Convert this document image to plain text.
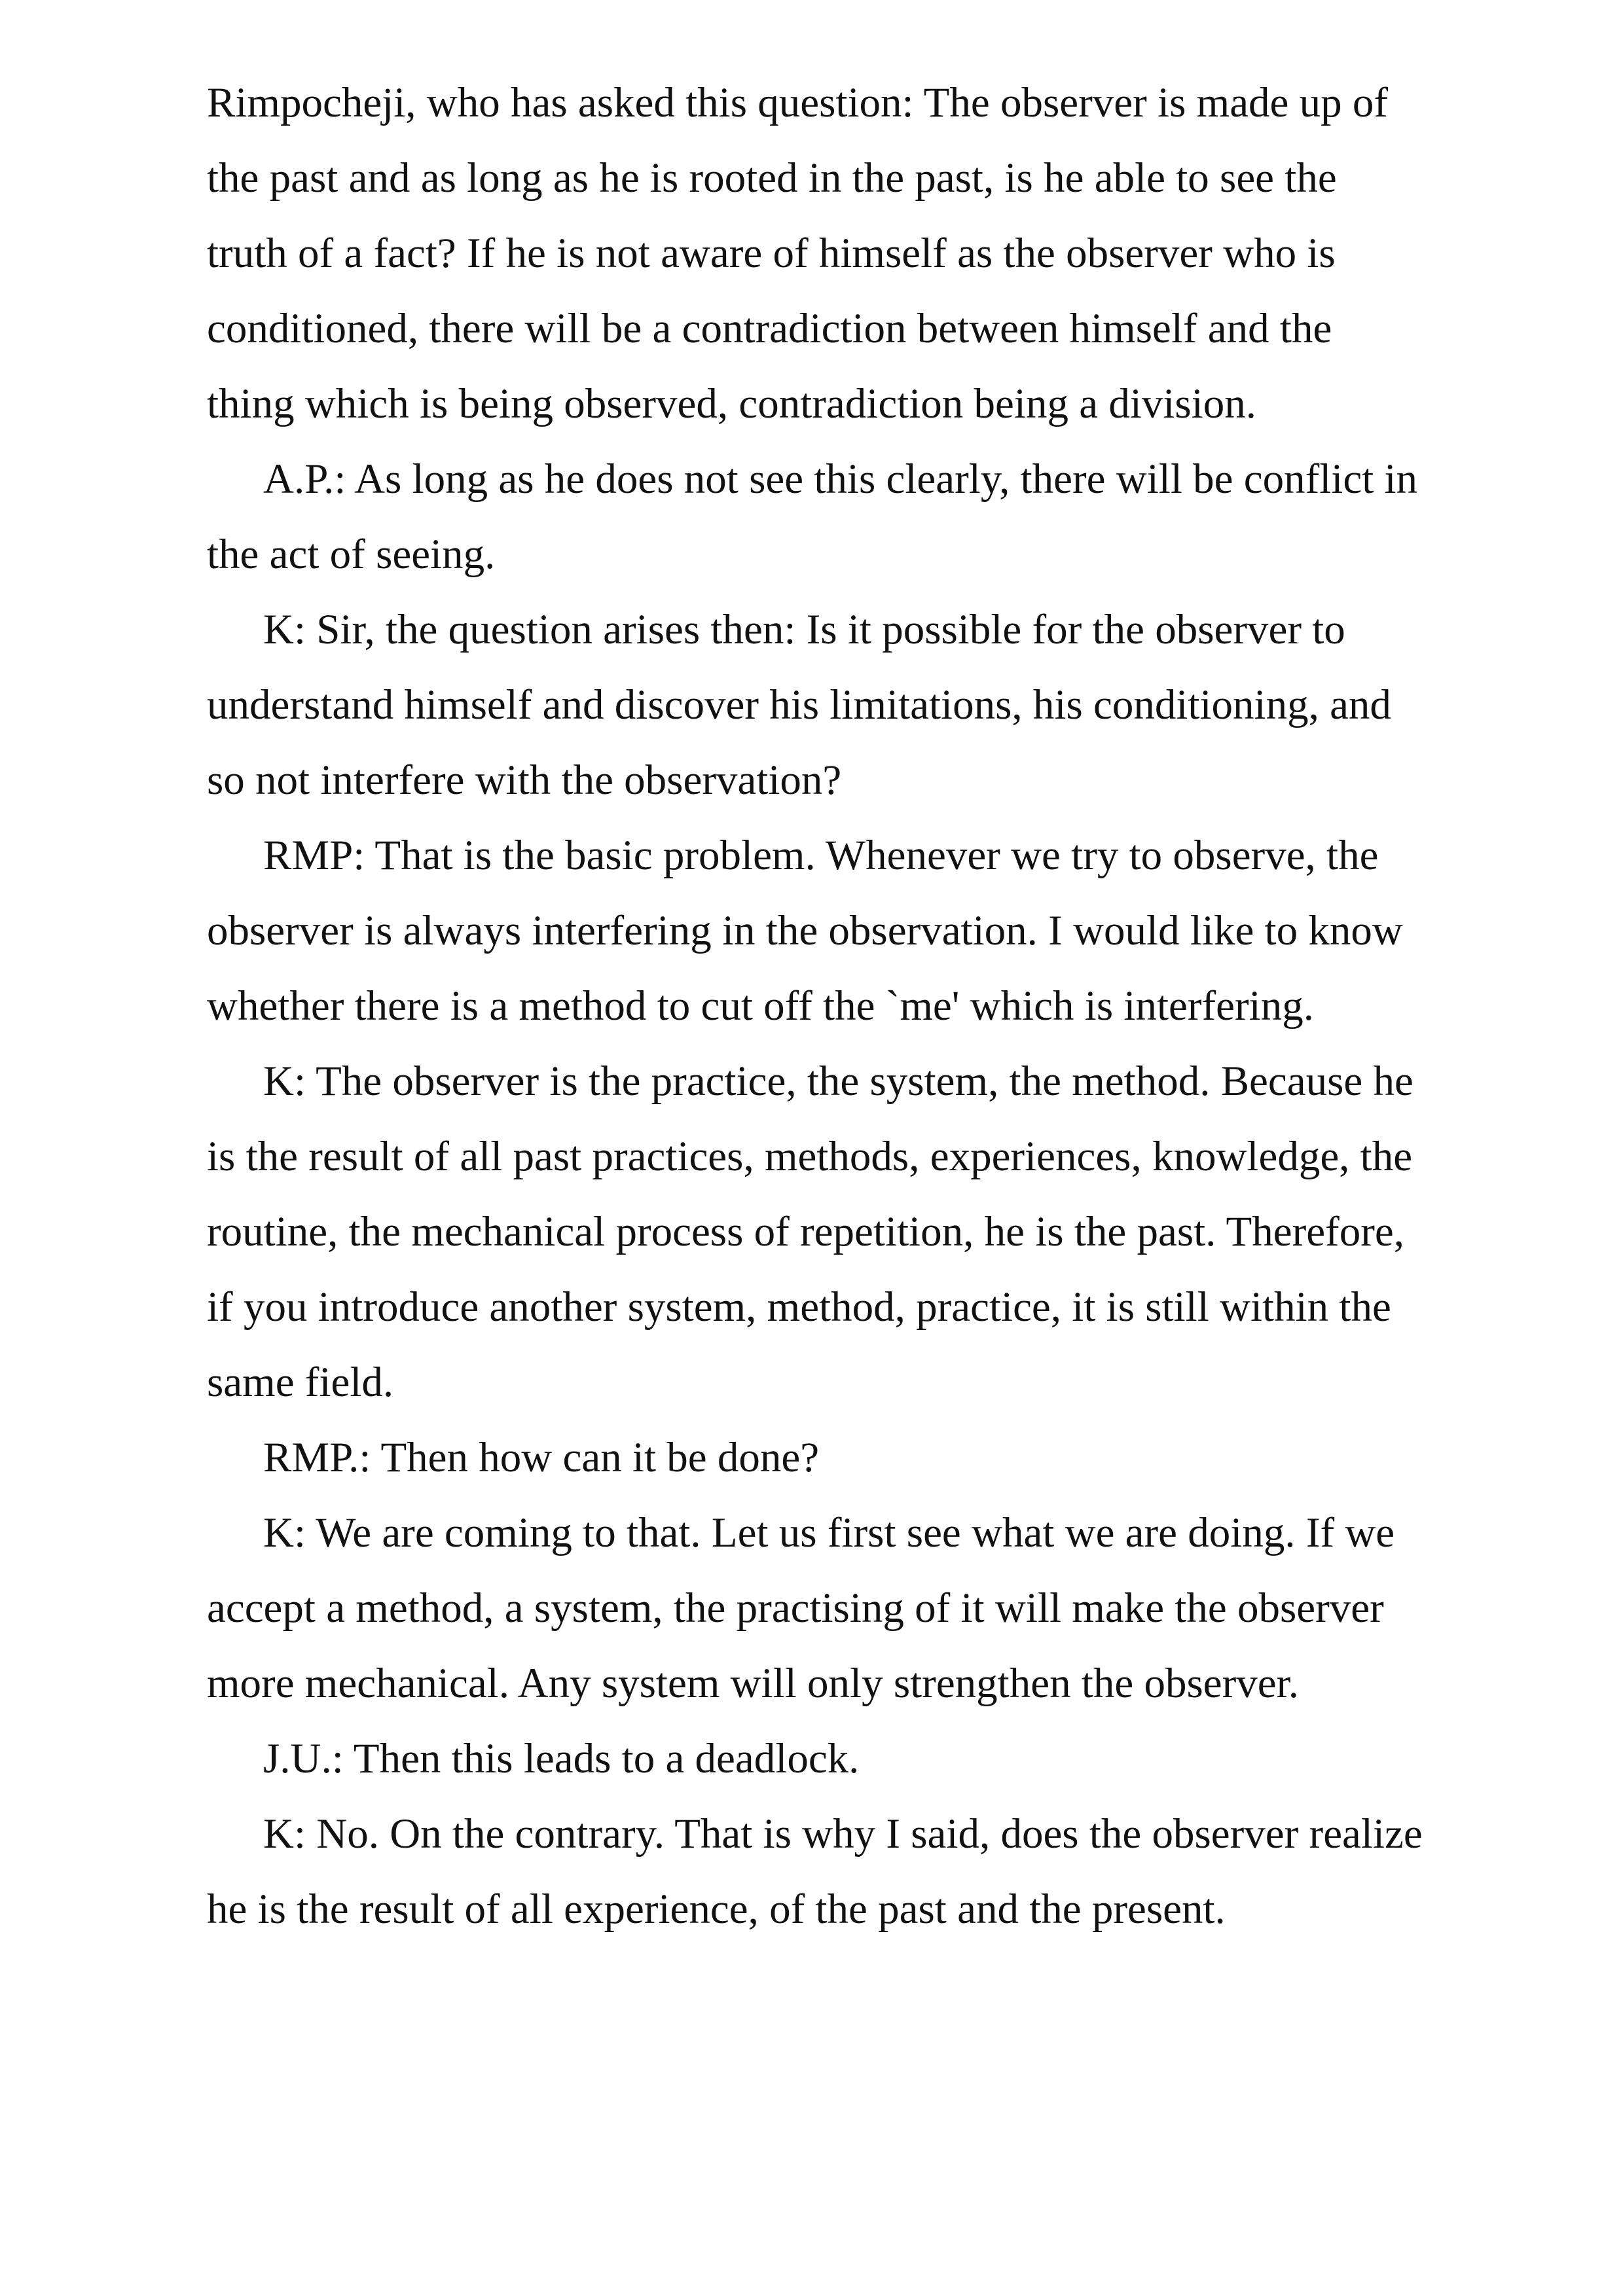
Rimpocheji, who has asked this question: The observer is made up of the past and as long as he is rooted in the past, is he able to see the truth of a fact? If he is not aware of himself as the observer who is conditioned, there will be a contradiction between himself and the thing which is being observed, contradiction being a division.

A.P.: As long as he does not see this clearly, there will be conflict in the act of seeing.

K: Sir, the question arises then: Is it possible for the observer to understand himself and discover his limitations, his conditioning, and so not interfere with the observation?

RMP: That is the basic problem. Whenever we try to observe, the observer is always interfering in the observation. I would like to know whether there is a method to cut off the `me' which is interfering.

K: The observer is the practice, the system, the method. Because he is the result of all past practices, methods, experiences, knowledge, the routine, the mechanical process of repetition, he is the past. Therefore, if you introduce another system, method, practice, it is still within the same field.

RMP.: Then how can it be done?

K: We are coming to that. Let us first see what we are doing. If we accept a method, a system, the practising of it will make the observer more mechanical. Any system will only strengthen the observer.

J.U.: Then this leads to a deadlock.

K: No. On the contrary. That is why I said, does the observer realize he is the result of all experience, of the past and the present.
